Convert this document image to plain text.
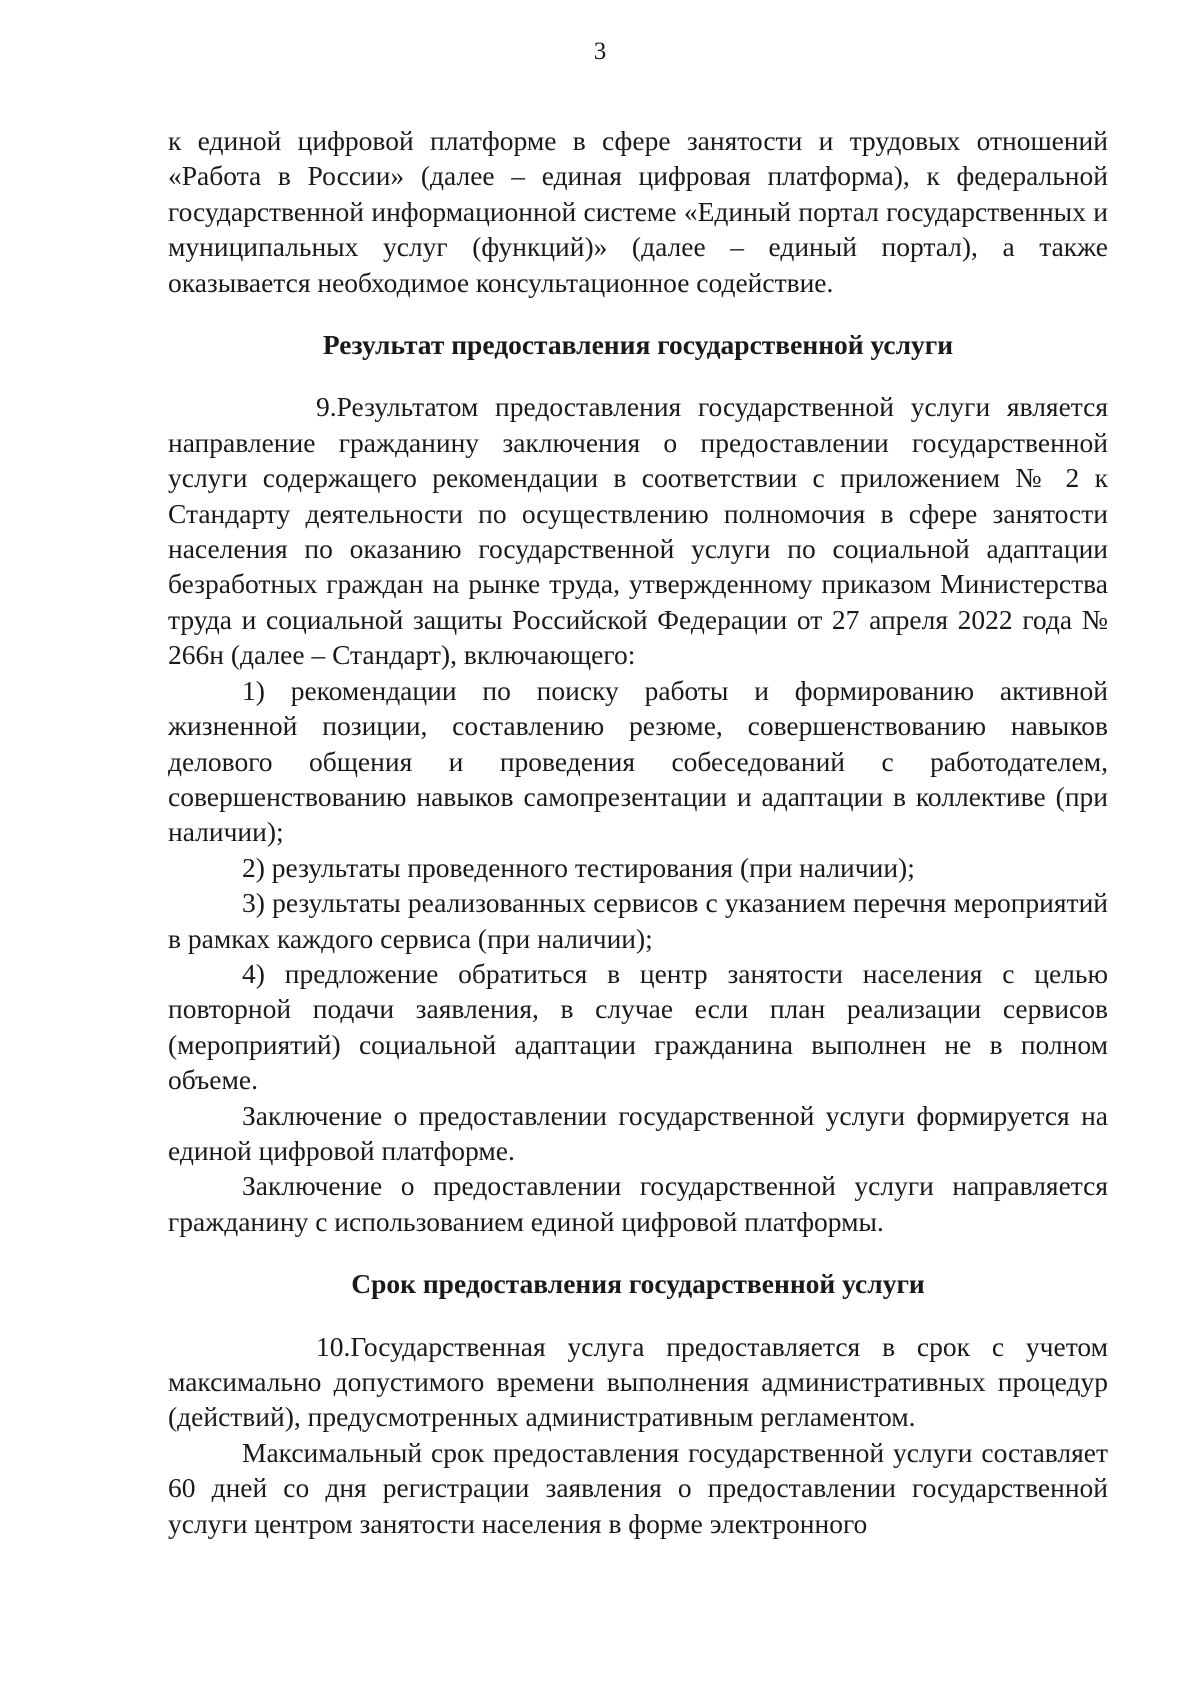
3

к единой цифровой платформе в сфере занятости и трудовых отношений «Работа в России» (далее – единая цифровая платформа), к федеральной государственной информационной системе «Единый портал государственных и муниципальных услуг (функций)» (далее – единый портал), а также оказывается необходимое консультационное содействие.

Результат предоставления государственной услуги

9.Результатом предоставления государственной услуги является направление гражданину заключения о предоставлении государственной услуги содержащего рекомендации в соответствии с приложением № 2 к Стандарту деятельности по осуществлению полномочия в сфере занятости населения по оказанию государственной услуги по социальной адаптации безработных граждан на рынке труда, утвержденному приказом Министерства труда и социальной защиты Российской Федерации от 27 апреля 2022 года № 266н (далее – Стандарт), включающего:

1) рекомендации по поиску работы и формированию активной жизненной позиции, составлению резюме, совершенствованию навыков делового общения и проведения собеседований с работодателем, совершенствованию навыков самопрезентации и адаптации в коллективе (при наличии);

2) результаты проведенного тестирования (при наличии);

3) результаты реализованных сервисов с указанием перечня мероприятий в рамках каждого сервиса (при наличии);

4) предложение обратиться в центр занятости населения с целью повторной подачи заявления, в случае если план реализации сервисов (мероприятий) социальной адаптации гражданина выполнен не в полном объеме.

Заключение о предоставлении государственной услуги формируется на единой цифровой платформе.

Заключение о предоставлении государственной услуги направляется гражданину с использованием единой цифровой платформы.

Срок предоставления государственной услуги

10.Государственная услуга предоставляется в срок с учетом максимально допустимого времени выполнения административных процедур (действий), предусмотренных административным регламентом.

Максимальный срок предоставления государственной услуги составляет 60 дней со дня регистрации заявления о предоставлении государственной услуги центром занятости населения в форме электронного
